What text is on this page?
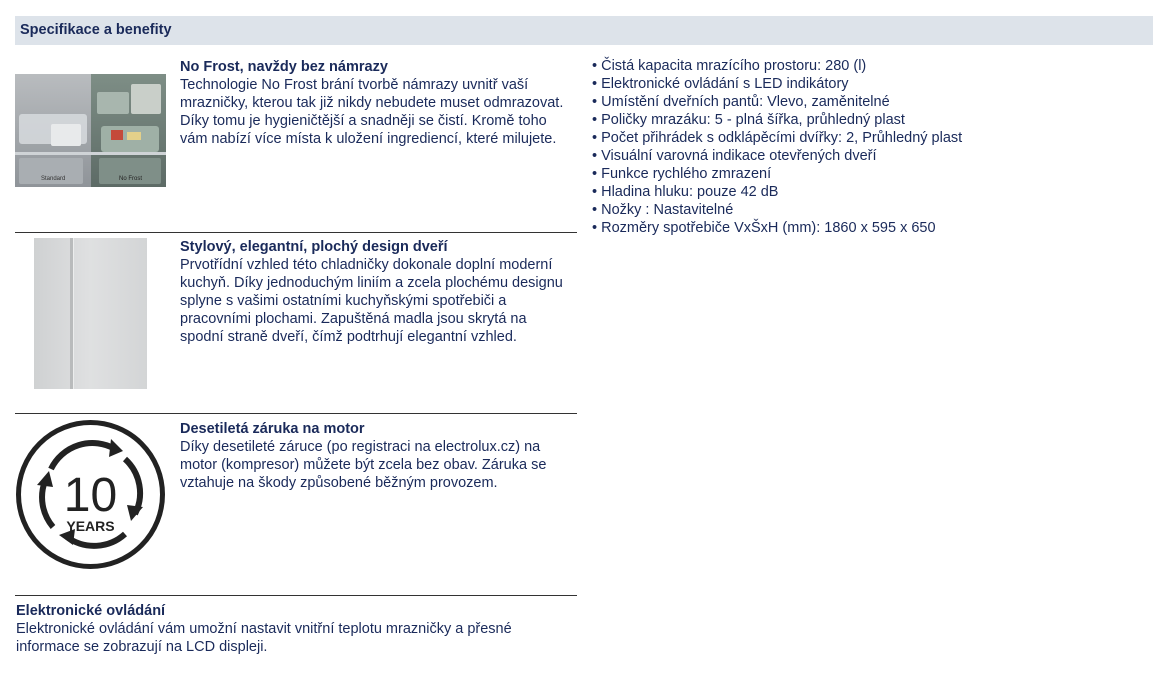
Specifikace a benefity
Standard	No Frost
No Frost, navždy bez námrazy
Technologie No Frost brání tvorbě námrazy uvnitř vaší mrazničky, kterou tak již nikdy nebudete muset odmrazovat. Díky tomu je hygieničtější a snadněji se čistí. Kromě toho vám nabízí více místa k uložení ingrediencí, které milujete.
Stylový, elegantní, plochý design dveří
Prvotřídní vzhled této chladničky dokonale doplní moderní kuchyň. Díky jednoduchým liniím a zcela plochému designu splyne s vašimi ostatními kuchyňskými spotřebiči a pracovními plochami. Zapuštěná madla jsou skrytá na spodní straně dveří, čímž podtrhují elegantní vzhled.
10
YEARS
Desetiletá záruka na motor
Díky desetileté záruce (po registraci na electrolux.cz) na motor (kompresor) můžete být zcela bez obav. Záruka se vztahuje na škody způsobené běžným provozem.
Elektronické ovládání
Elektronické ovládání vám umožní nastavit vnitřní teplotu mrazničky a přesné informace se zobrazují na LCD displeji.
• Čistá kapacita mrazícího prostoru: 280 (l)
• Elektronické ovládání s LED indikátory
• Umístění dveřních pantů: Vlevo, zaměnitelné
• Poličky mrazáku: 5 - plná šířka, průhledný plast
• Počet přihrádek s odklápěcími dvířky: 2, Průhledný plast
• Visuální varovná indikace otevřených dveří
• Funkce rychlého zmrazení
• Hladina hluku: pouze 42 dB
• Nožky : Nastavitelné
• Rozměry spotřebiče VxŠxH (mm): 1860 x 595 x 650
